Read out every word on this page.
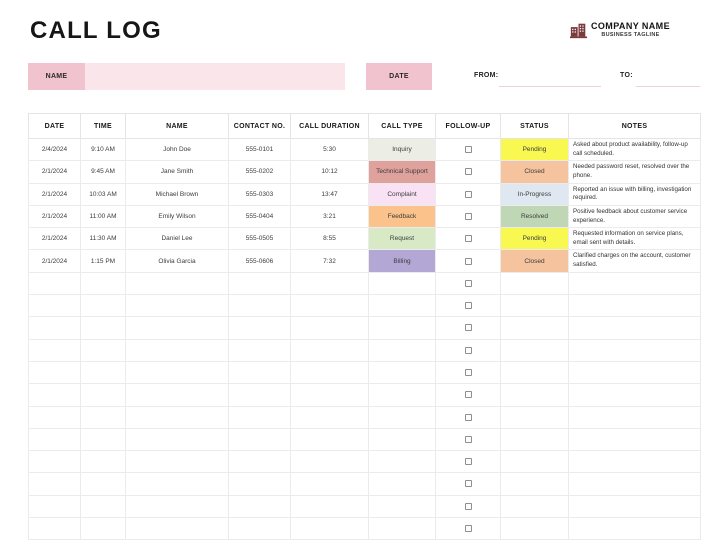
CALL LOG	COMPANY NAME
BUSINESS TAGLINE
NAME	DATE	FROM:	TO:
DATE	TIME	NAME	CONTACT NO.	CALL DURATION	CALL TYPE	FOLLOW-UP	STATUS	NOTES
2/4/2024	9:10 AM	John Doe	555-0101	5:30	Inquiry		Pending	Asked about product availability, follow-up call scheduled.
2/1/2024	9:45 AM	Jane Smith	555-0202	10:12	Technical Support		Closed	Needed password reset, resolved over the phone.
2/1/2024	10:03 AM	Michael Brown	555-0303	13:47	Complaint		In-Progress	Reported an issue with billing, investigation required.
2/1/2024	11:00 AM	Emily Wilson	555-0404	3:21	Feedback		Resolved	Positive feedback about customer service experience.
2/1/2024	11:30 AM	Daniel Lee	555-0505	8:55	Request		Pending	Requested information on service plans, email sent with details.
2/1/2024	1:15 PM	Olivia Garcia	555-0606	7:32	Billing		Closed	Clarified charges on the account, customer satisfied.
